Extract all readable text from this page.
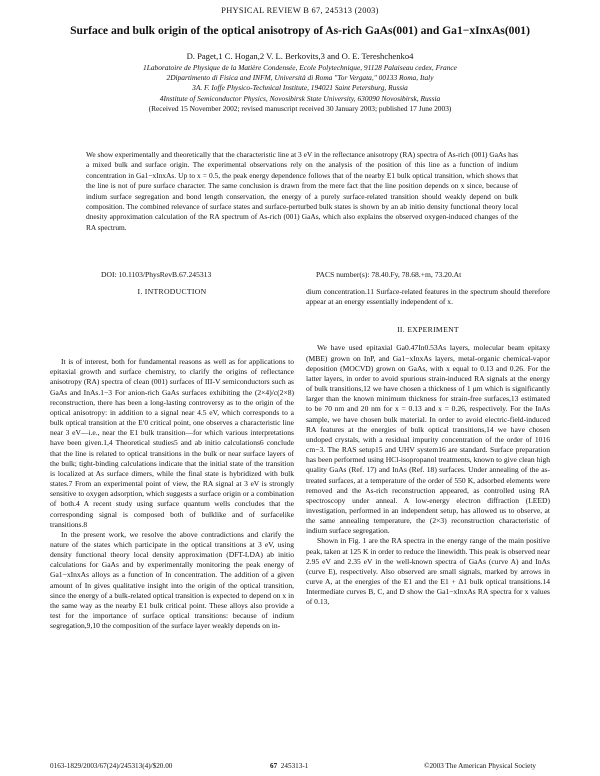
PHYSICAL REVIEW B 67, 245313 (2003)
Surface and bulk origin of the optical anisotropy of As-rich GaAs(001) and Ga1−xInxAs(001)
D. Paget,1 C. Hogan,2 V. L. Berkovits,3 and O. E. Tereshchenko4
1Laboratoire de Physique de la Matière Condensée, Ecole Polytechnique, 91128 Palaiseau cedex, France
2Dipartimento di Fisica and INFM, Università di Roma "Tor Vergata," 00133 Roma, Italy
3A. F. Ioffe Physico-Technical Institute, 194021 Saint Petersburg, Russia
4Institute of Semiconductor Physics, Novosibirsk State University, 630090 Novosibirsk, Russia
(Received 15 November 2002; revised manuscript received 30 January 2003; published 17 June 2003)
We show experimentally and theoretically that the characteristic line at 3 eV in the reflectance anisotropy (RA) spectra of As-rich (001) GaAs has a mixed bulk and surface origin. The experimental observations rely on the analysis of the position of this line as a function of indium concentration in Ga1−xInxAs. Up to x = 0.5, the peak energy dependence follows that of the nearby E1 bulk optical transition, which shows that the line is not of pure surface character. The same conclusion is drawn from the mere fact that the line position depends on x since, because of indium surface segregation and bond length conservation, the energy of a purely surface-related transition should weakly depend on bulk composition. The combined relevance of surface states and surface-perturbed bulk states is shown by an ab initio density functional theory local dnesity approximation calculation of the RA spectrum of As-rich (001) GaAs, which also explains the observed oxygen-induced changes of the RA spectrum.
DOI: 10.1103/PhysRevB.67.245313	PACS number(s): 78.40.Fy, 78.68.+m, 73.20.At
I. INTRODUCTION

It is of interest, both for fundamental reasons as well as for applications to epitaxial growth and surface chemistry, to clarify the origins of reflectance anisotropy (RA) spectra of clean (001) surfaces of III-V semiconductors such as GaAs and InAs.1−3 For anion-rich GaAs surfaces exhibiting the (2×4)/c(2×8) reconstruction, there has been a long-lasting controversy as to the origin of the optical anisotropy: in addition to a signal near 4.5 eV, which corresponds to a bulk optical transition at the E′0 critical point, one observes a characteristic line near 3 eV—i.e., near the E1 bulk transition—for which various interpretations have been given.1,4 Theoretical studies5 and ab initio calculations6 conclude that the line is related to optical transitions in the bulk or near surface layers of the bulk; tight-binding calculations indicate that the initial state of the transition is localized at As surface dimers, while the final state is hybridized with bulk states.7 From an experimental point of view, the RA signal at 3 eV is strongly sensitive to oxygen adsorption, which suggests a surface origin or a combination of both.4 A recent study using surface quantum wells concludes that the corresponding signal is composed both of bulklike and of surfacelike transitions.8

In the present work, we resolve the above contradictions and clarify the nature of the states which participate in the optical transitions at 3 eV, using density functional theory local density approximation (DFT-LDA) ab initio calculations for GaAs and by experimentally monitoring the peak energy of Ga1−xInxAs alloys as a function of In concentration. The addition of a given amount of In gives qualitative insight into the origin of the optical transition, since the energy of a bulk-related optical transition is expected to depend on x in the same way as the nearby E1 bulk critical point. These alloys also provide a test for the importance of surface optical transitions: because of indium segregation,9,10 the composition of the surface layer weakly depends on in-

dium concentration.11 Surface-related features in the spectrum should therefore appear at an energy essentially independent of x.

II. EXPERIMENT

We have used epitaxial Ga0.47In0.53As layers, molecular beam epitaxy (MBE) grown on InP, and Ga1−xInxAs layers, metal-organic chemical-vapor deposition (MOCVD) grown on GaAs, with x equal to 0.13 and 0.26. For the latter layers, in order to avoid spurious strain-induced RA signals at the energy of bulk transitions,12 we have chosen a thickness of 1 μm which is significantly larger than the known minimum thickness for strain-free surfaces,13 estimated to be 70 nm and 20 nm for x = 0.13 and x = 0.26, respectively. For the InAs sample, we have chosen bulk material. In order to avoid electric-field-induced RA features at the energies of bulk optical transitions,14 we have chosen undoped crystals, with a residual impurity concentration of the order of 1016 cm−3. The RAS setup15 and UHV system16 are standard. Surface preparation has been performed using HCl-isopropanol treatments, known to give clean high quality GaAs (Ref. 17) and InAs (Ref. 18) surfaces. Under annealing of the as-treated surfaces, at a temperature of the order of 550 K, adsorbed elements were removed and the As-rich reconstruction appeared, as controlled using RA spectroscopy under anneal. A low-energy electron diffraction (LEED) investigation, performed in an independent setup, has allowed us to observe, at the same annealing temperature, the (2×3) reconstruction characteristic of indium surface segregation.

Shown in Fig. 1 are the RA spectra in the energy range of the main positive peak, taken at 125 K in order to reduce the linewidth. This peak is observed near 2.95 eV and 2.35 eV in the well-known spectra of GaAs (curve A) and InAs (curve E), respectively. Also observed are small signals, marked by arrows in curve A, at the energies of the E1 and the E1 + Δ1 bulk optical transitions.14 Intermediate curves B, C, and D show the Ga1−xInxAs RA spectra for x values of 0.13,

0163-1829/2003/67(24)/245313(4)/$20.00	67 245313-1	©2003 The American Physical Society
